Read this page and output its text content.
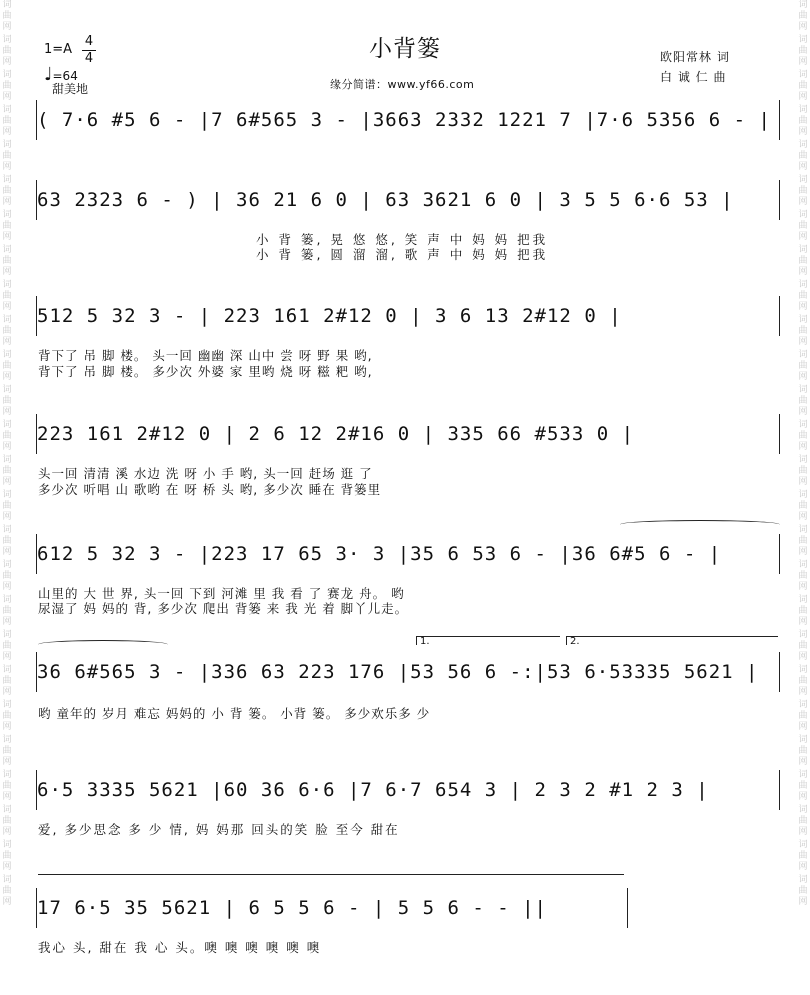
词曲网
词曲网
词曲网
词曲网
词曲网
词曲网
词曲网
词曲网
词曲网
词曲网
词曲网
词曲网
词曲网
词曲网
词曲网
词曲网
词曲网
词曲网
词曲网
词曲网
词曲网
词曲网
词曲网
词曲网
词曲网
词曲网
词曲网
词曲网
词曲网
词曲网
词曲网
词曲网
词曲网
词曲网
词曲网
词曲网
词曲网
词曲网
词曲网
词曲网
词曲网
词曲网
词曲网
词曲网
词曲网
词曲网
词曲网
词曲网
词曲网
词曲网
词曲网
词曲网
小背篓
1=A
4
4
♩=64
甜美地	缘分简谱：www.yf66.com
欧阳常林 词
白 诚 仁 曲
( 7·6 #5 6 - |7 6#565 3 - |3663 2332 1221 7 |7·6 5356 6 - |
63 2323 6 - ) | 36 21 6 0 | 63 3621 6 0 | 3 5 5 6·6 53 |
小 背 篓, 晃 悠 悠, 笑 声 中 妈 妈 把我
小 背 篓, 圆 溜 溜, 歌 声 中 妈 妈 把我
512 5 32 3 - | 223 161 2#12 0 | 3 6 13 2#12 0 |
背下了 吊 脚 楼。 头一回 幽幽 深 山中 尝 呀 野 果 哟,
背下了 吊 脚 楼。 多少次 外婆 家 里哟 烧 呀 糍 粑 哟,
223 161 2#12 0 | 2 6 12 2#16 0 | 335 66 #533 0 |
头一回 清清 溪 水边 洗 呀 小 手 哟, 头一回 赶场 逛 了
多少次 听唱 山 歌哟 在 呀 桥 头 哟, 多少次 睡在 背篓里
612 5 32 3 - |223 17 65 3· 3 |35 6 53 6 - |36 6#5 6 - |
山里的 大 世 界, 头一回 下到 河滩 里 我 看 了 赛龙 舟。 哟
尿湿了 妈 妈的 背, 多少次 爬出 背篓 来 我 光 着 脚丫儿走。
1.	2.
36 6#565 3 - |336 63 223 176 |53 56 6 -:|53 6·53335 5621 |
哟 童年的 岁月 难忘 妈妈的 小 背 篓。 小背 篓。 多少欢乐多 少
6·5 3335 5621 |60 36 6·6 |7 6·7 654 3 | 2 3 2 #1 2 3 |
爱, 多少思念 多 少 情, 妈 妈那 回头的笑 脸 至今 甜在
17 6·5 35 5621 | 6 5 5 6 - | 5 5 6 - - ||
我心 头, 甜在 我 心 头。噢 噢 噢 噢 噢 噢
